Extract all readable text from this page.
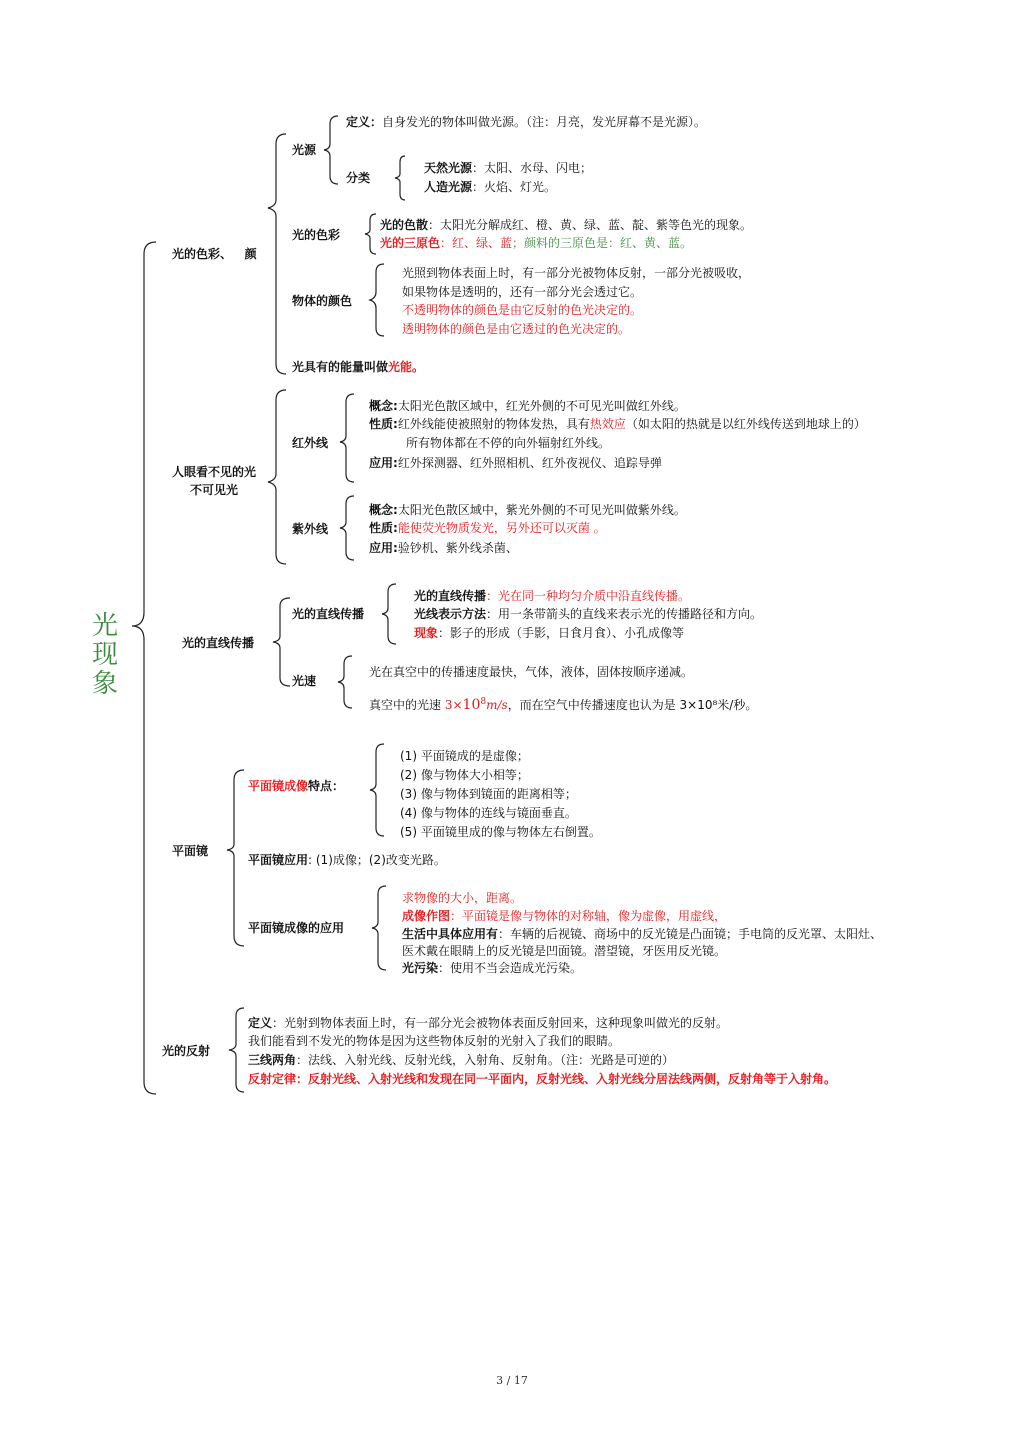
光现象
光的色彩、 颜
光源
定义：自身发光的物体叫做光源。（注：月亮，发光屏幕不是光源）。
分类
天然光源：太阳、水母、闪电；
人造光源：火焰、灯光。
光的色彩
光的色散：太阳光分解成红、橙、黄、绿、蓝、靛、紫等色光的现象。
光的三原色：红、绿、蓝；颜料的三原色是：红、黄、蓝。
物体的颜色
光照到物体表面上时，有一部分光被物体反射，一部分光被吸收，
如果物体是透明的，还有一部分光会透过它。
不透明物体的颜色是由它反射的色光决定的。
透明物体的颜色是由它透过的色光决定的。
光具有的能量叫做光能。
人眼看不见的光
不可见光
红外线
概念:太阳光色散区域中，红光外侧的不可见光叫做红外线。
性质:红外线能使被照射的物体发热，具有热效应（如太阳的热就是以红外线传送到地球上的）
所有物体都在不停的向外辐射红外线。
应用:红外探测器、红外照相机、红外夜视仪、追踪导弹
紫外线
概念:太阳光色散区域中，紫光外侧的不可见光叫做紫外线。
性质:能使荧光物质发光，另外还可以灭菌 。
应用:验钞机、紫外线杀菌、
光的直线传播
光的直线传播
光的直线传播：光在同一种均匀介质中沿直线传播。
光线表示方法：用一条带箭头的直线来表示光的传播路径和方向。
现象：影子的形成（手影，日食月食）、小孔成像等
光速
光在真空中的传播速度最快，气体，液体，固体按顺序递减。
真空中的光速 $3\times 10^8m/s$，而在空气中传播速度也认为是 3×10⁸米/秒。
平面镜
平面镜成像特点：
(1) 平面镜成的是虚像；
(2) 像与物体大小相等；
(3) 像与物体到镜面的距离相等；
(4) 像与物体的连线与镜面垂直。
(5) 平面镜里成的像与物体左右倒置。
平面镜应用: (1)成像；(2)改变光路。
平面镜成像的应用
求物像的大小，距离。
成像作图：平面镜是像与物体的对称轴，像为虚像，用虚线，
生活中具体应用有：车辆的后视镜、商场中的反光镜是凸面镜；手电筒的反光罩、太阳灶、
医术戴在眼睛上的反光镜是凹面镜。潜望镜，牙医用反光镜。
光污染：使用不当会造成光污染。
光的反射
定义：光射到物体表面上时，有一部分光会被物体表面反射回来，这种现象叫做光的反射。
我们能看到不发光的物体是因为这些物体反射的光射入了我们的眼睛。
三线两角：法线、入射光线、反射光线，入射角、反射角。（注：光路是可逆的）
反射定律：反射光线、入射光线和发现在同一平面内，反射光线、入射光线分居法线两侧，反射角等于入射角。
3 / 17
